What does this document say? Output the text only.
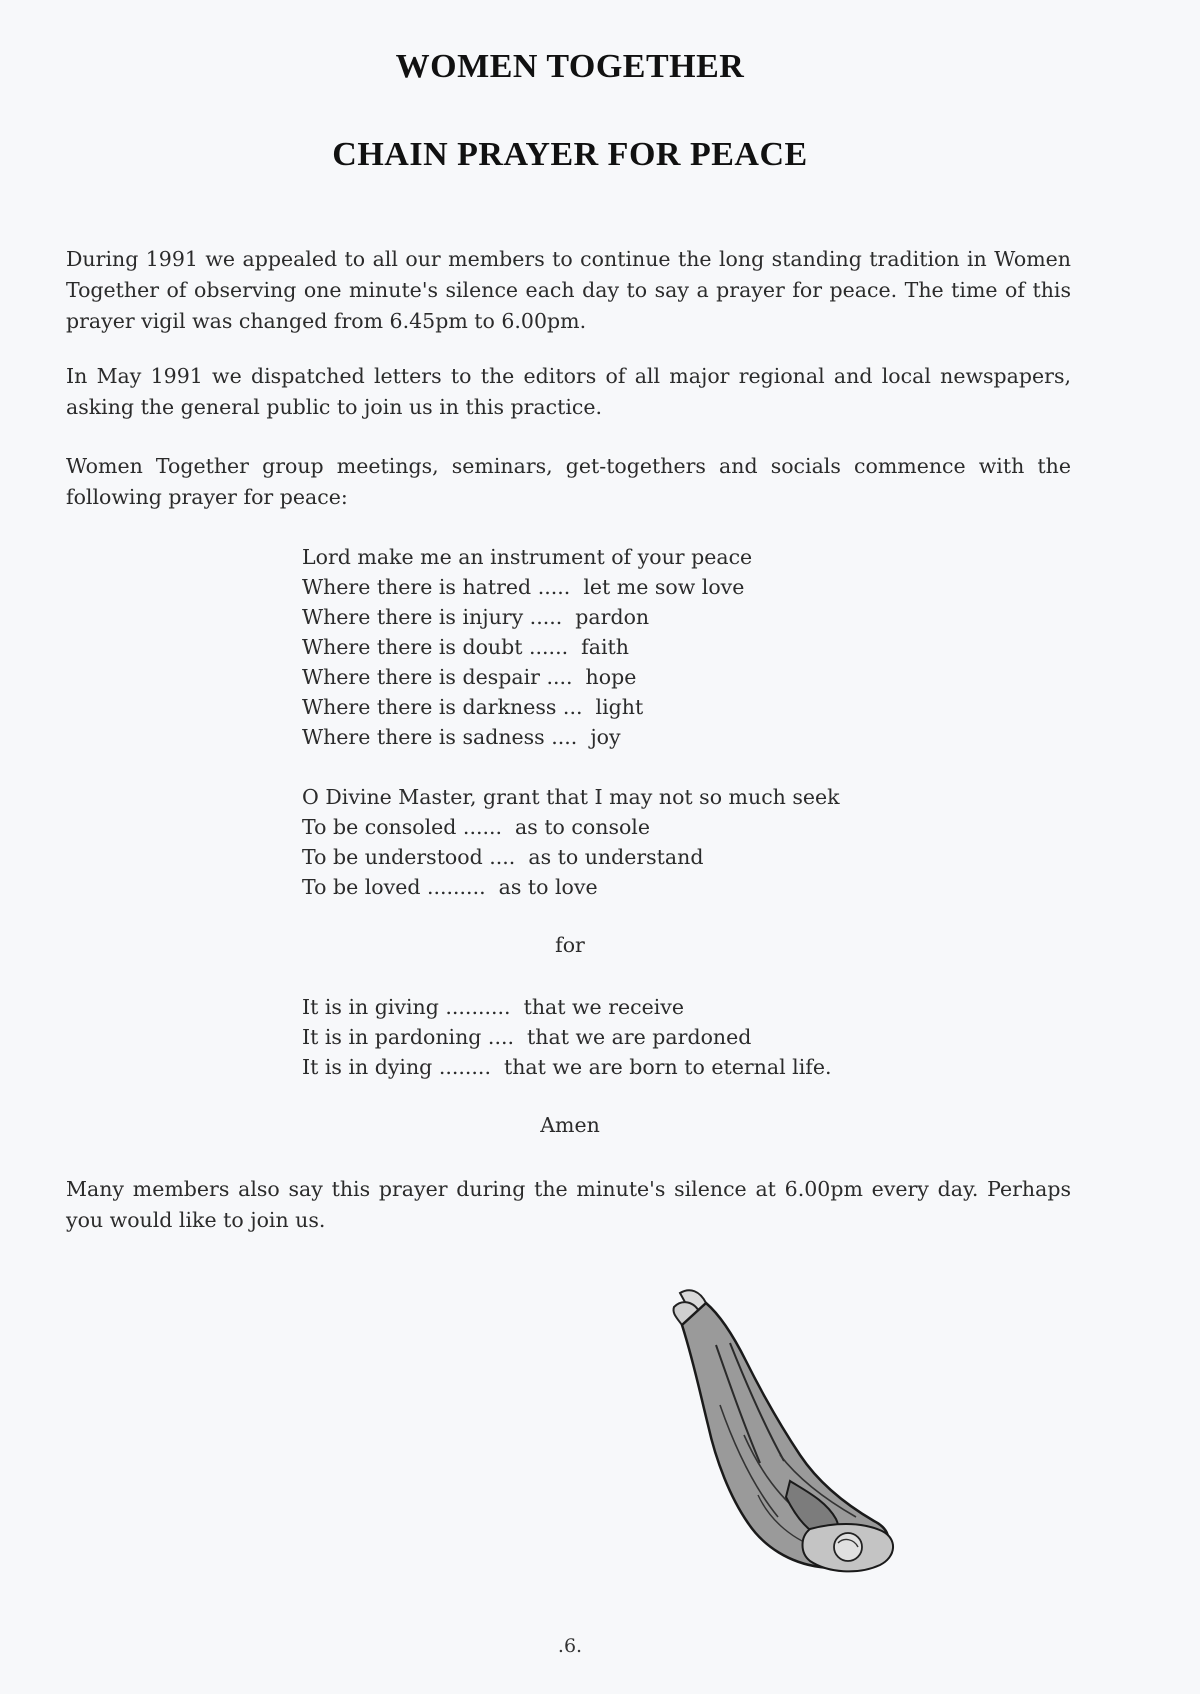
WOMEN TOGETHER
CHAIN PRAYER FOR PEACE

During 1991 we appealed to all our members to continue the long standing tradition in Women Together of observing one minute's silence each day to say a prayer for peace. The time of this prayer vigil was changed from 6.45pm to 6.00pm.

In May 1991 we dispatched letters to the editors of all major regional and local newspapers, asking the general public to join us in this practice.

Women Together group meetings, seminars, get-togethers and socials commence with the following prayer for peace:

Lord make me an instrument of your peace
Where there is hatred .....  let me sow love
Where there is injury .....  pardon
Where there is doubt ......  faith
Where there is despair ....  hope
Where there is darkness ...  light
Where there is sadness ....  joy
O Divine Master, grant that I may not so much seek
To be consoled ......  as to console
To be understood ....  as to understand
To be loved .........  as to love

for

It is in giving ..........  that we receive
It is in pardoning ....  that we are pardoned
It is in dying ........  that we are born to eternal life.

Amen

Many members also say this prayer during the minute's silence at 6.00pm every day. Perhaps you would like to join us.

.6.
